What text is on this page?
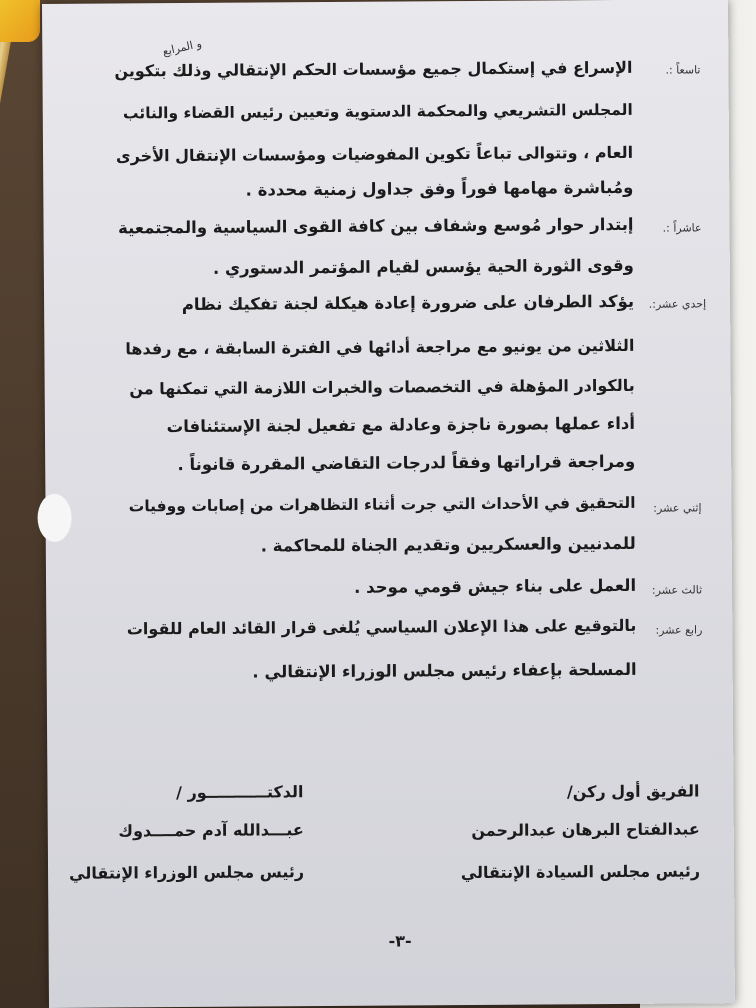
و المرابع
تاسعاً :.
الإسراع في إستكمال جميع مؤسسات الحكم الإنتقالي وذلك بتكوين
المجلس التشريعي والمحكمة الدستوية وتعيين رئيس القضاء والنائب
العام ، وتتوالى تباعاً تكوين المفوضيات ومؤسسات الإنتقال الأخرى
ومُباشرة مهامها فوراً وفق جداول زمنية محددة .
عاشراً :.
إبتدار حوار مُوسع وشفاف بين كافة القوى السياسية والمجتمعية
وقوى الثورة الحية يؤسس لقيام المؤتمر الدستوري .
إحدي عشر:.
يؤكد الطرفان على ضرورة إعادة هيكلة لجنة تفكيك نظام
الثلاثين من يونيو مع مراجعة أدائها في الفترة السابقة ، مع رفدها
بالكوادر المؤهلة في التخصصات والخبرات اللازمة التي تمكنها من
أداء عملها بصورة ناجزة وعادلة مع تفعيل لجنة الإستئنافات
ومراجعة قراراتها وفقاً لدرجات التقاضي المقررة قانوناً .
إثني عشر:
التحقيق في الأحداث التي جرت أثناء التظاهرات من إصابات ووفيات
للمدنيين والعسكريين وتقديم الجناة للمحاكمة .
ثالث عشر:
العمل على بناء جيش قومي موحد .
رابع عشر:
بالتوقيع على هذا الإعلان السياسي يُلغى قرار القائد العام للقوات
المسلحة بإعفاء رئيس مجلس الوزراء الإنتقالي .
الفريق أول ركن/
عبدالفتاح البرهان عبدالرحمن
رئيس مجلس السيادة الإنتقالي
الدكتـــــــــــور /
عبـــدالله آدم حمــــدوك
رئيس مجلس الوزراء الإنتقالي
-٣-
